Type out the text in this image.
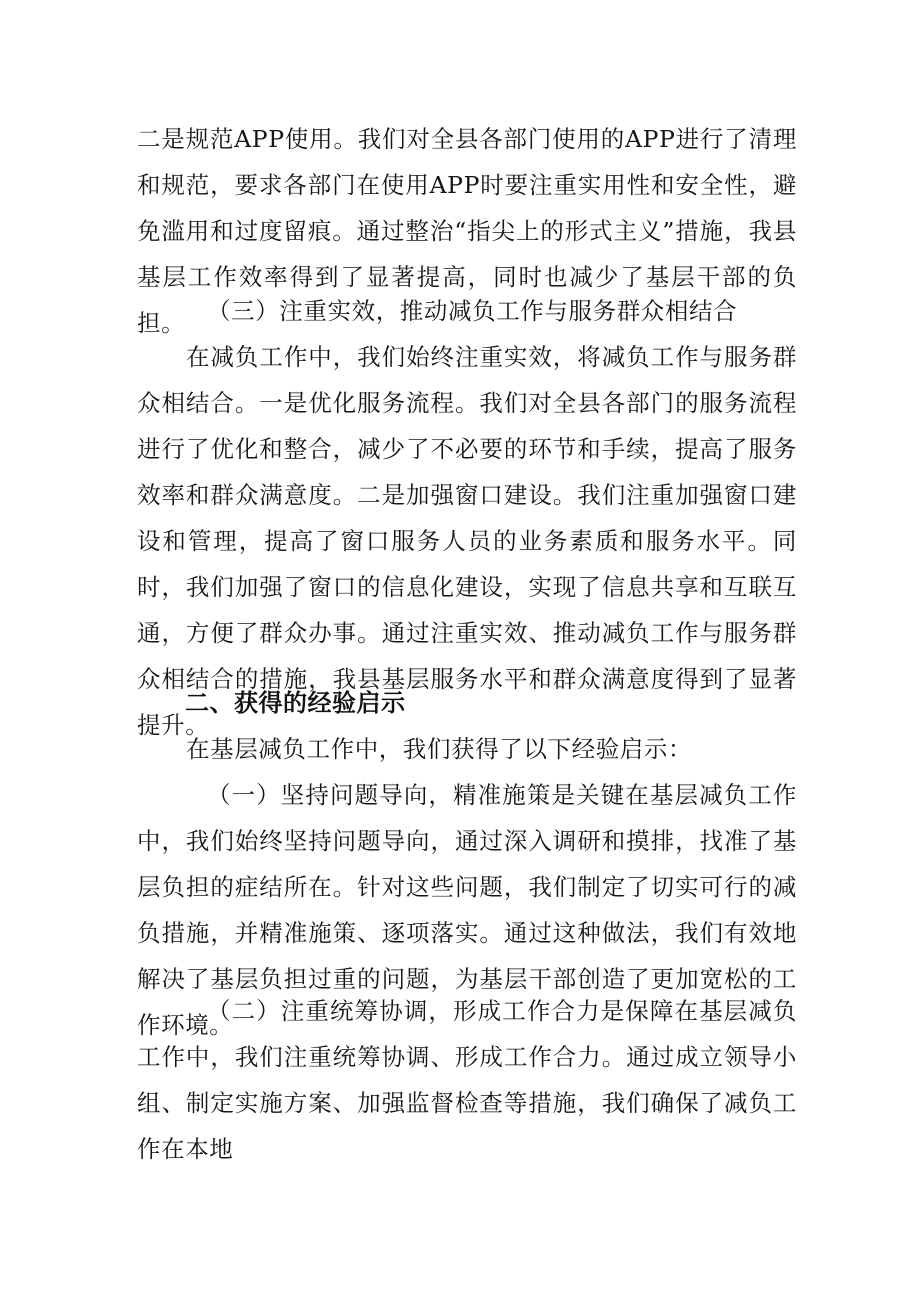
二是规范APP使用。我们对全县各部门使用的APP进行了清理和规范，要求各部门在使用APP时要注重实用性和安全性，避免滥用和过度留痕。通过整治“指尖上的形式主义”措施，我县基层工作效率得到了显著提高，同时也减少了基层干部的负担。 （三）注重实效，推动减负工作与服务群众相结合

在减负工作中，我们始终注重实效，将减负工作与服务群众相结合。一是优化服务流程。我们对全县各部门的服务流程进行了优化和整合，减少了不必要的环节和手续，提高了服务效率和群众满意度。二是加强窗口建设。我们注重加强窗口建设和管理，提高了窗口服务人员的业务素质和服务水平。同时，我们加强了窗口的信息化建设，实现了信息共享和互联互通，方便了群众办事。通过注重实效、推动减负工作与服务群众相结合的措施，我县基层服务水平和群众满意度得到了显著提升。

二、获得的经验启示

在基层减负工作中，我们获得了以下经验启示：

（一）坚持问题导向，精准施策是关键在基层减负工作中，我们始终坚持问题导向，通过深入调研和摸排，找准了基层负担的症结所在。针对这些问题，我们制定了切实可行的减负措施，并精准施策、逐项落实。通过这种做法，我们有效地解决了基层负担过重的问题，为基层干部创造了更加宽松的工作环境。

（二）注重统筹协调，形成工作合力是保障在基层减负工作中，我们注重统筹协调、形成工作合力。通过成立领导小组、制定实施方案、加强监督检查等措施，我们确保了减负工作在本地
